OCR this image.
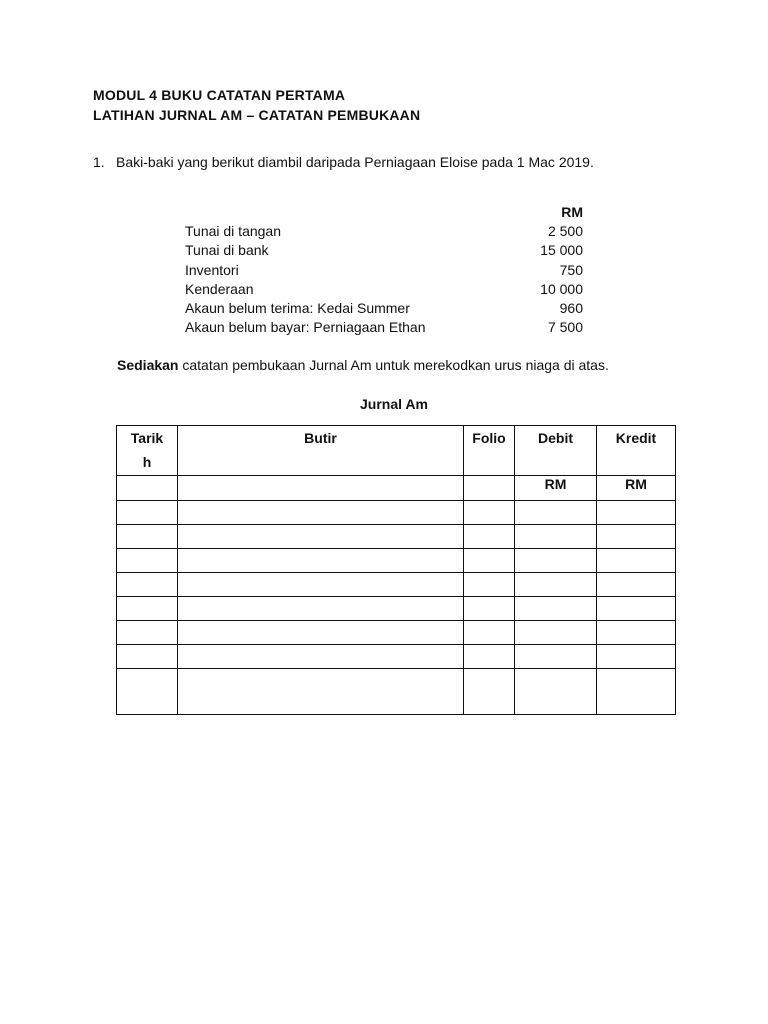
MODUL 4 BUKU CATATAN PERTAMA
LATIHAN JURNAL AM – CATATAN PEMBUKAAN
1. Baki-baki yang berikut diambil daripada Perniagaan Eloise pada 1 Mac 2019.
RM
Tunai di tangan	2 500
Tunai di bank	15 000
Inventori	750
Kenderaan	10 000
Akaun belum terima: Kedai Summer	960
Akaun belum bayar: Perniagaan Ethan	7 500
Sediakan catatan pembukaan Jurnal Am untuk merekodkan urus niaga di atas.
Jurnal Am
Tarik
h	Butir	Folio	Debit	Kredit
			RM	RM
